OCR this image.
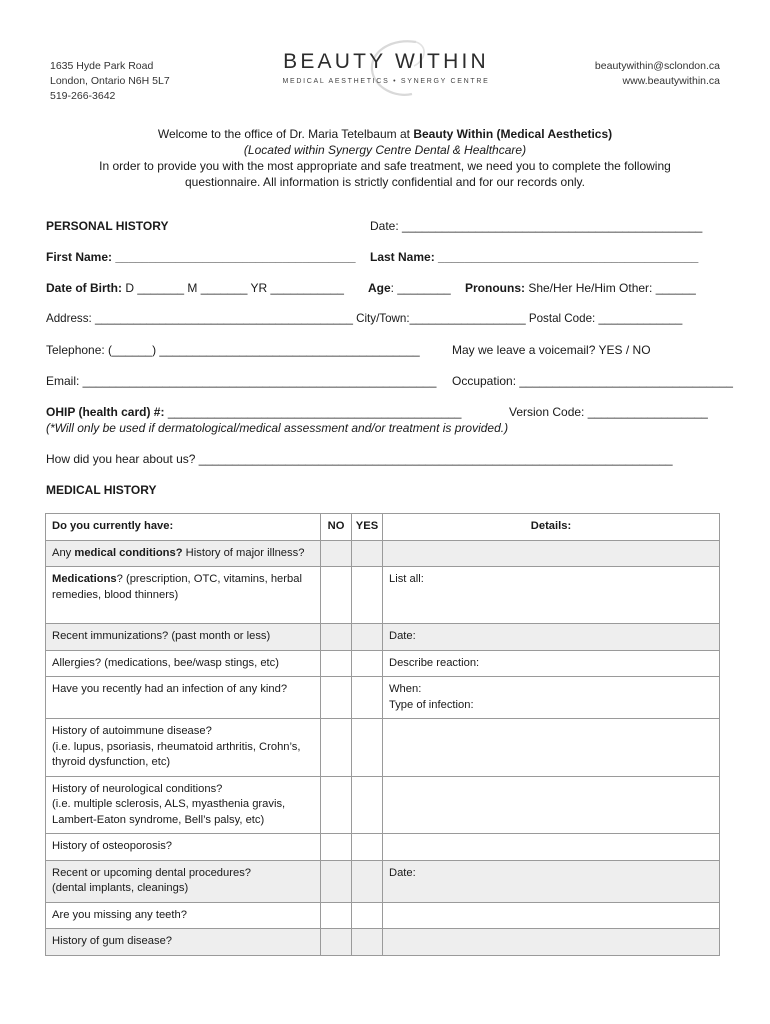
1635 Hyde Park Road
London, Ontario N6H 5L7
519-266-3642
BEAUTY WITHIN
MEDICAL AESTHETICS • SYNERGY CENTRE
beautywithin@sclondon.ca
www.beautywithin.ca
Welcome to the office of Dr. Maria Tetelbaum at Beauty Within (Medical Aesthetics)
(Located within Synergy Centre Dental & Healthcare)
In order to provide you with the most appropriate and safe treatment, we need you to complete the following
questionnaire. All information is strictly confidential and for our records only.
PERSONAL HISTORY	Date: _____________________________________________
First Name: ____________________________________ Last Name: _______________________________________
Date of Birth: D _______ M _______ YR ___________ Age: ________ Pronouns: She/Her He/Him Other: ______
Address: ________________________________________ City/Town:__________________ Postal Code: _____________
Telephone: (______) _______________________________________	May we leave a voicemail? YES / NO
Email: _____________________________________________________ Occupation: ________________________________
OHIP (health card) #: ____________________________________________	Version Code: __________________
(*Will only be used if dermatological/medical assessment and/or treatment is provided.)
How did you hear about us? _______________________________________________________________________
MEDICAL HISTORY
Do you currently have:	NO	YES	Details:
Any medical conditions? History of major illness?			
Medications? (prescription, OTC, vitamins, herbal remedies, blood thinners)			List all:
Recent immunizations? (past month or less)			Date:
Allergies? (medications, bee/wasp stings, etc)			Describe reaction:
Have you recently had an infection of any kind?			When:
Type of infection:

History of autoimmune disease?
(i.e. lupus, psoriasis, rheumatoid arthritis, Crohn’s, thyroid dysfunction, etc)			

History of neurological conditions?
(i.e. multiple sclerosis, ALS, myasthenia gravis, Lambert-Eaton syndrome, Bell’s palsy, etc)			

History of osteoporosis?			

Recent or upcoming dental procedures?
(dental implants, cleanings)			Date:
Are you missing any teeth?			
History of gum disease?			
